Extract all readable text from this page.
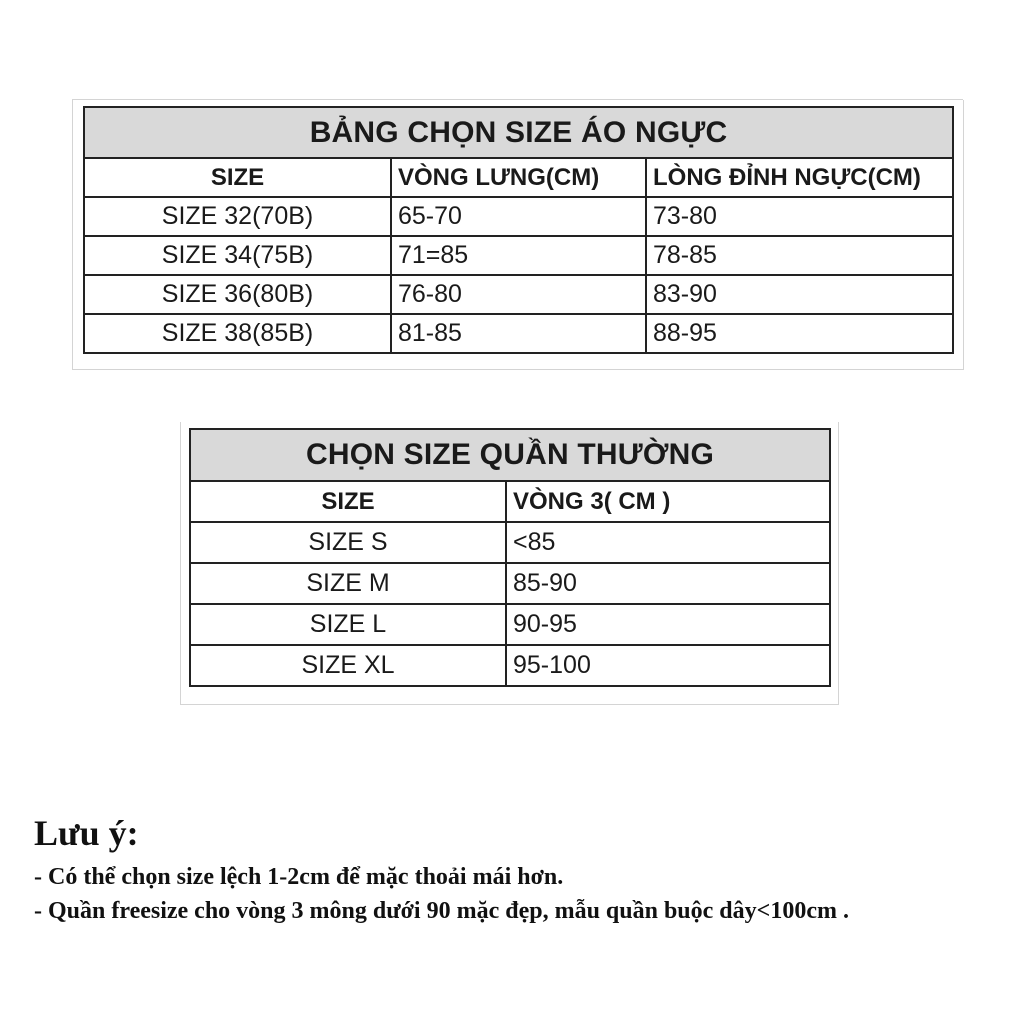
BẢNG CHỌN SIZE ÁO NGỰC		
SIZE	VÒNG LƯNG(CM)	LÒNG ĐỈNH NGỰC(CM)
SIZE 32(70B)	65-70	73-80
SIZE 34(75B)	71=85	78-85
SIZE 36(80B)	76-80	83-90
SIZE 38(85B)	81-85	88-95
CHỌN SIZE QUẦN THƯỜNG	
SIZE	VÒNG 3( CM )
SIZE S	<85
SIZE M	85-90
SIZE L	90-95
SIZE XL	95-100
Lưu ý:
- Có thể chọn size lệch 1-2cm để mặc thoải mái hơn.
- Quần freesize cho vòng 3 mông dưới 90 mặc đẹp, mẫu quần buộc dây<100cm .
